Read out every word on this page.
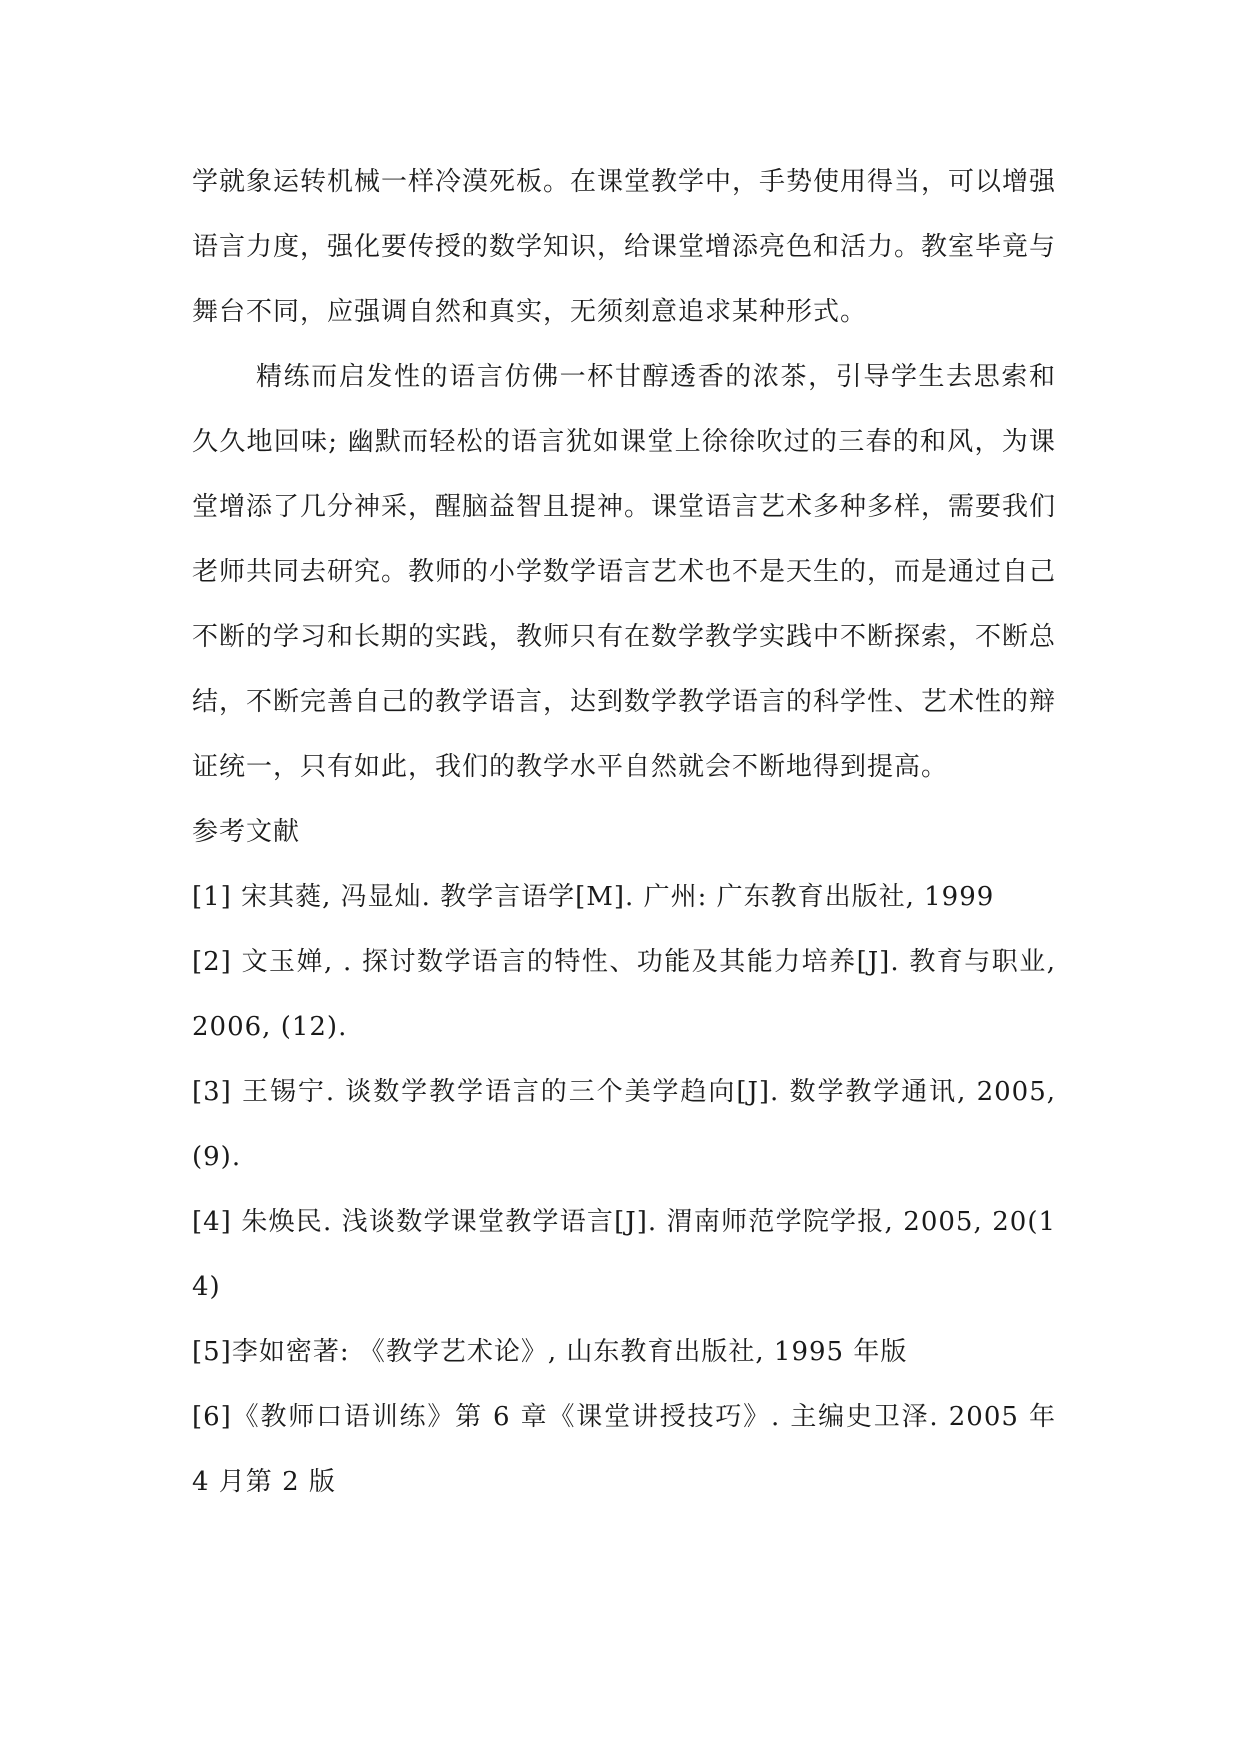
学就象运转机械一样冷漠死板。在课堂教学中，手势使用得当，可以增强语言力度，强化要传授的数学知识，给课堂增添亮色和活力。教室毕竟与舞台不同，应强调自然和真实，无须刻意追求某种形式。

精练而启发性的语言仿佛一杯甘醇透香的浓茶，引导学生去思索和久久地回味; 幽默而轻松的语言犹如课堂上徐徐吹过的三春的和风，为课堂增添了几分神采，醒脑益智且提神。课堂语言艺术多种多样，需要我们老师共同去研究。教师的小学数学语言艺术也不是天生的，而是通过自己不断的学习和长期的实践，教师只有在数学教学实践中不断探索，不断总结，不断完善自己的教学语言，达到数学教学语言的科学性、艺术性的辩证统一，只有如此，我们的教学水平自然就会不断地得到提高。

参考文献

[1] 宋其蕤, 冯显灿. 教学言语学[M]. 广州: 广东教育出版社, 1999

[2] 文玉婵, . 探讨数学语言的特性、功能及其能力培养[J]. 教育与职业, 2006, (12).

[3] 王锡宁. 谈数学教学语言的三个美学趋向[J]. 数学教学通讯, 2005, (9).

[4] 朱焕民. 浅谈数学课堂教学语言[J]. 渭南师范学院学报, 2005, 20(14)

[5]李如密著: 《教学艺术论》, 山东教育出版社, 1995 年版

[6]《教师口语训练》第 6 章《课堂讲授技巧》. 主编史卫泽. 2005 年 4 月第 2 版
